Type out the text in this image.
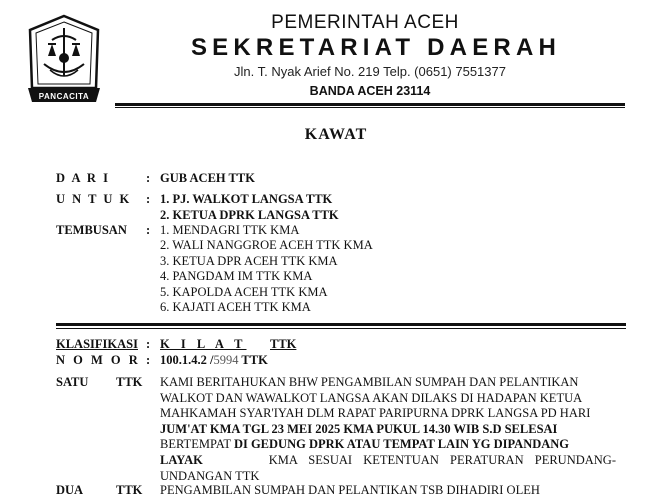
PANCACITA
PEMERINTAH ACEH
SEKRETARIAT DAERAH
Jln. T. Nyak Arief No. 219 Telp. (0651) 7551377
BANDA ACEH 23114
KAWAT
D A R I	: GUB ACEH TTK
U N T U K : 1. PJ. WALKOT LANGSA TTK
2. KETUA DPRK LANGSA TTK
TEMBUSAN : 1. MENDAGRI TTK KMA
2. WALI NANGGROE ACEH TTK KMA
3. KETUA DPR ACEH TTK KMA
4. PANGDAM IM TTK KMA
5. KAPOLDA ACEH TTK KMA
6. KAJATI ACEH TTK KMA
KLASIFIKASI : K I L A T TTK
N O M O R : 100.1.4.2 /5994 TTK
SATU TTK KAMI BERITAHUKAN BHW PENGAMBILAN SUMPAH DAN PELANTIKAN
WALKOT DAN WAWALKOT LANGSA AKAN DILAKS DI HADAPAN KETUA
MAHKAMAH SYAR'IYAH DLM RAPAT PARIPURNA DPRK LANGSA PD HARI
JUM'AT KMA TGL 23 MEI 2025 KMA PUKUL 14.30 WIB S.D SELESAI
BERTEMPAT DI GEDUNG DPRK ATAU TEMPAT LAIN YG DIPANDANG
LAYAK	KMA SESUAI KETENTUAN PERATURAN PERUNDANG-
UNDANGAN TTK
DUA	TTK PENGAMBILAN SUMPAH DAN PELANTIKAN TSB DIHADIRI OLEH
